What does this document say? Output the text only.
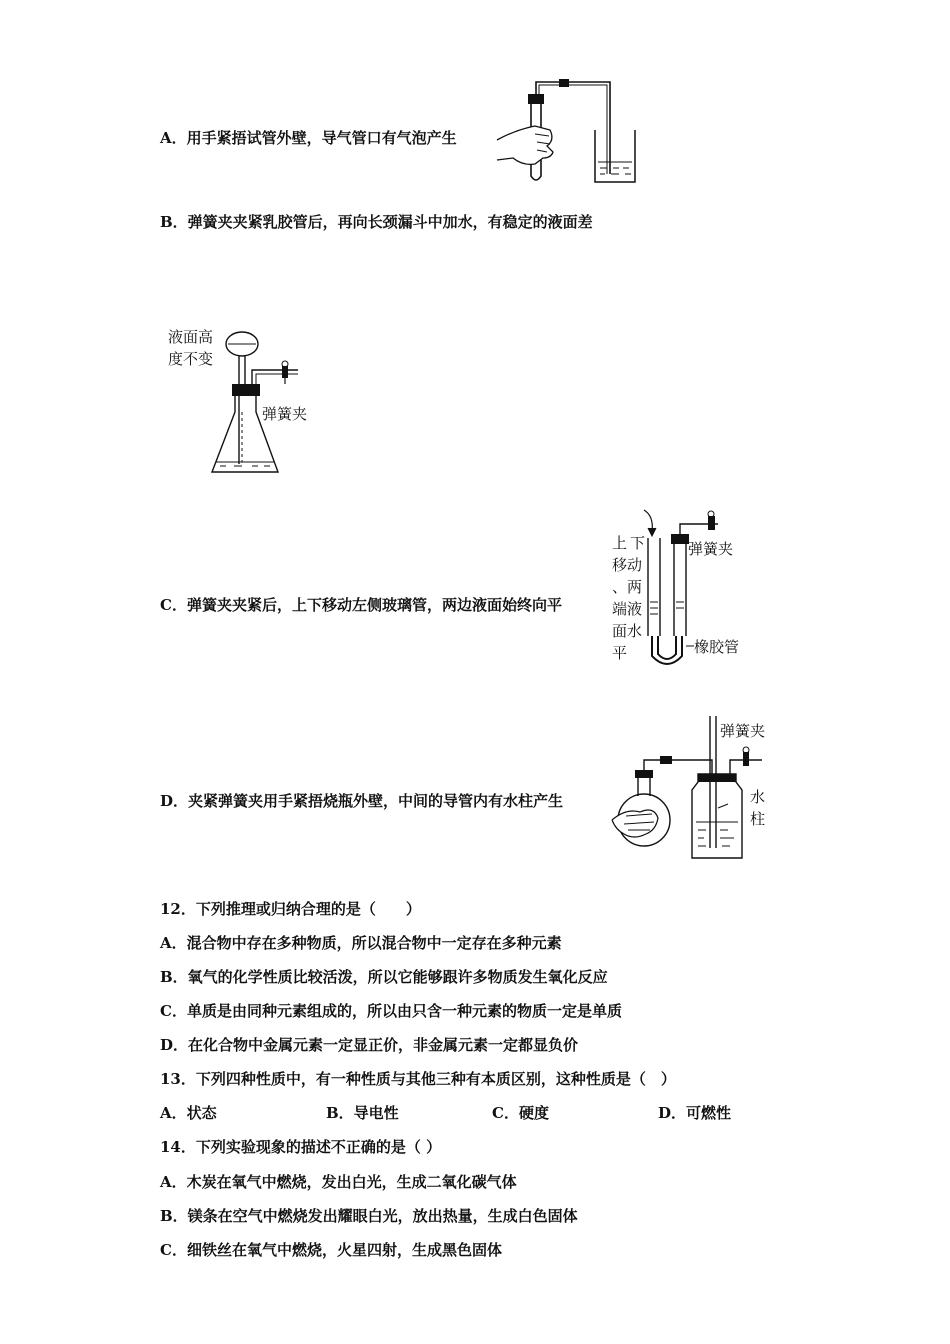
A．用手紧捂试管外壁，导气管口有气泡产生
B．弹簧夹夹紧乳胶管后，再向长颈漏斗中加水，有稳定的液面差
液面高
度不变
弹簧夹
C．弹簧夹夹紧后，上下移动左侧玻璃管，两边液面始终向平
弹簧夹
上
移动
、两
端液
面水
平
下
橡胶管
D．夹紧弹簧夹用手紧捂烧瓶外壁，中间的导管内有水柱产生
弹簧夹
水
柱
12．下列推理或归纳合理的是（　　）
A．混合物中存在多种物质，所以混合物中一定存在多种元素
B．氧气的化学性质比较活泼，所以它能够跟许多物质发生氧化反应
C．单质是由同种元素组成的，所以由只含一种元素的物质一定是单质
D．在化合物中金属元素一定显正价，非金属元素一定都显负价
13．下列四种性质中，有一种性质与其他三种有本质区别，这种性质是（　）
A．状态	B．导电性	C．硬度	D．可燃性
14．下列实验现象的描述不正确的是（ ）
A．木炭在氧气中燃烧，发出白光，生成二氧化碳气体
B．镁条在空气中燃烧发出耀眼白光，放出热量，生成白色固体
C．细铁丝在氧气中燃烧，火星四射，生成黑色固体
